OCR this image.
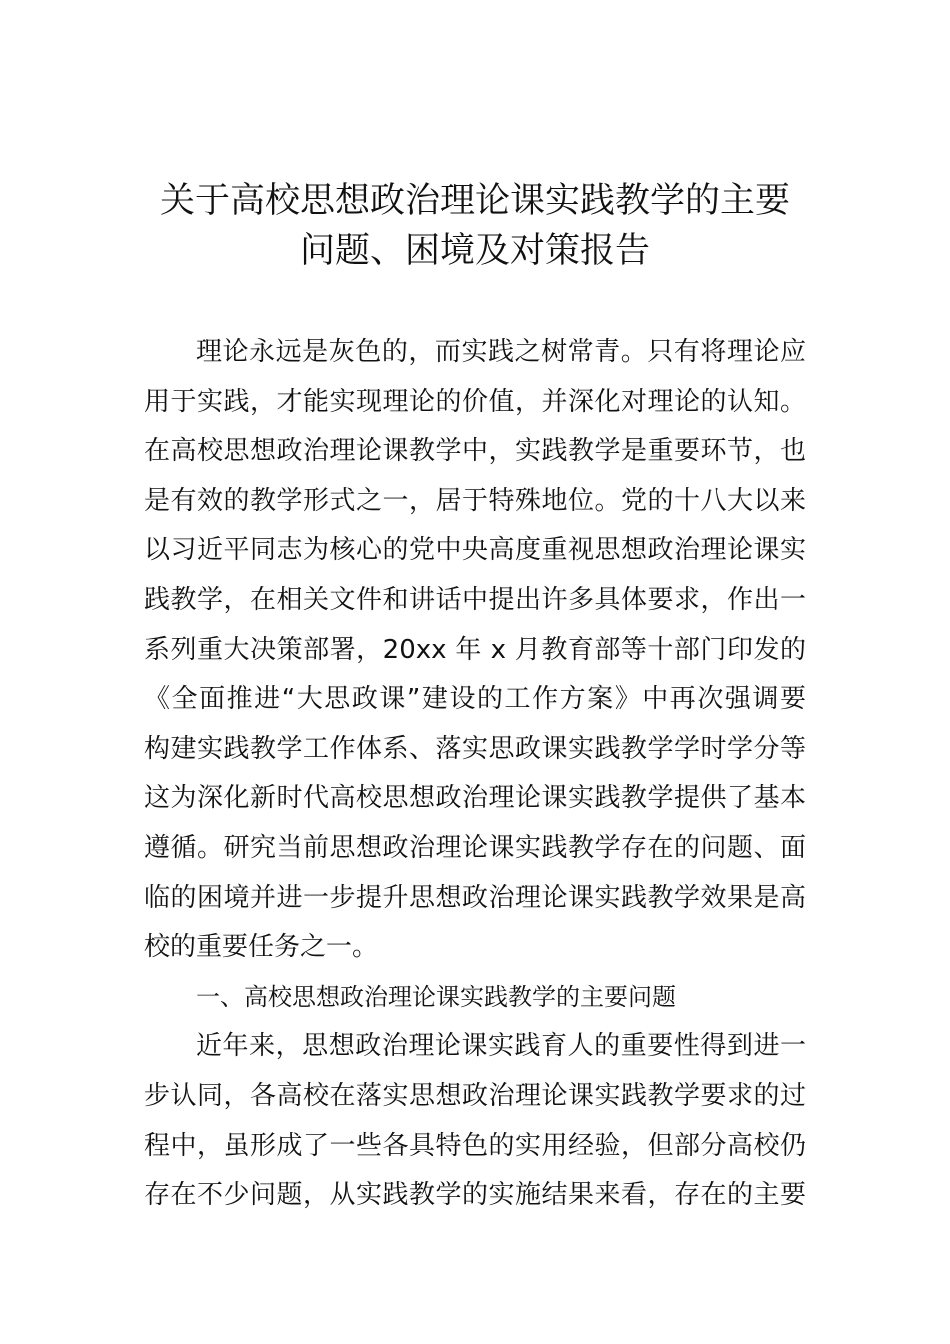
关于高校思想政治理论课实践教学的主要
问题、困境及对策报告
理论永远是灰色的，而实践之树常青。只有将理论应
用于实践，才能实现理论的价值，并深化对理论的认知。
在高校思想政治理论课教学中，实践教学是重要环节，也
是有效的教学形式之一，居于特殊地位。党的十八大以来
以习近平同志为核心的党中央高度重视思想政治理论课实
践教学，在相关文件和讲话中提出许多具体要求，作出一
系列重大决策部署，20xx 年 x 月教育部等十部门印发的
《全面推进“大思政课”建设的工作方案》中再次强调要
构建实践教学工作体系、落实思政课实践教学学时学分等
这为深化新时代高校思想政治理论课实践教学提供了基本
遵循。研究当前思想政治理论课实践教学存在的问题、面
临的困境并进一步提升思想政治理论课实践教学效果是高
校的重要任务之一。
一、高校思想政治理论课实践教学的主要问题
近年来，思想政治理论课实践育人的重要性得到进一
步认同，各高校在落实思想政治理论课实践教学要求的过
程中，虽形成了一些各具特色的实用经验，但部分高校仍
存在不少问题，从实践教学的实施结果来看，存在的主要
